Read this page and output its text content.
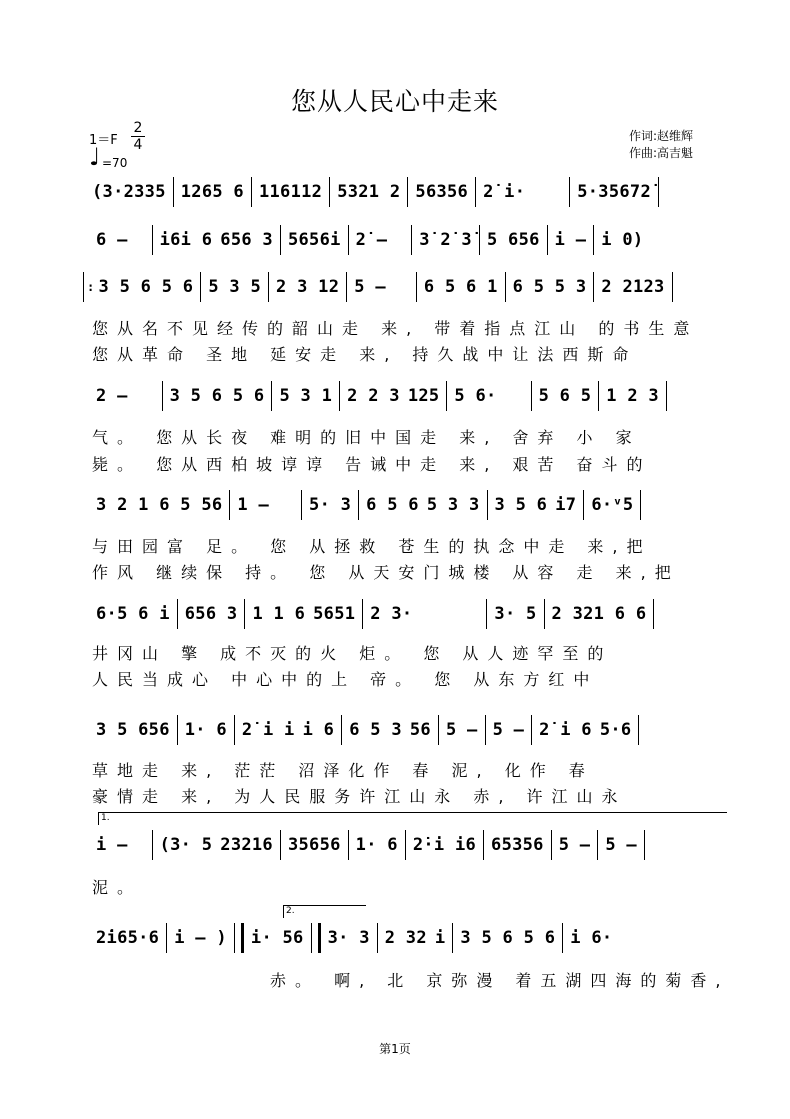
您从人民心中走来
$1=F \frac{2}{4}$
♩ =70
作词:赵维辉
作曲:高吉魁
(3·2335 1265 6 116112 5321 2 56356 2̇ i·	5·35672̇
6 – i6i 6 656 3 5656i 2̇ – 3̇ 2̇ 3̇ 5 656 i – i 0)
: 3 5 6 5 6 5 3 5 2 3 12 5 – 6 5 6 1 6 5 5 3 2 2123
您从名不见经传的韶山走 来, 带着指点江山 的书生意
您从革命 圣地 延安走 来, 持久战中让法西斯命
2 – 3 5 6 5 6 5 3 1 2 2 3 125 5 6· 5 6 5 1 2 3
气。 您从长夜 难明的旧中国走 来, 舍弃 小 家
毙。 您从西柏坡谆谆 告诫中走 来, 艰苦 奋斗的
3 2 1 6 5 56 1 – 5· 3 6 5 6 5 3 3 3 5 6 i7 6·ᵛ5
与田园富 足。 您 从拯救 苍生的执念中走 来,把
作风 继续保 持。 您 从天安门城楼 从容 走 来,把
6·5 6 i 656 3 1 1 6 5651 2 3·	3· 5 2 321 6 6
井冈山 擎 成不灭的火 炬。 您 从人迹罕至的
人民当成心 中心中的上 帝。 您 从东方红中
3 5 656 1· 6 2̇ i i i 6 6 5 3 56 5 – 5 – 2̇ i 6 5·6
草地走 来, 茫茫 沼泽化作 春 泥, 化作 春
豪情走 来, 为人民服务许江山永 赤, 许江山永
1.
i – (3· 5 23216 35656 1· 6 2̇·i i6 65356 5 – 5 –
泥。
2.
2̇i65·6 i – ) i· 56 3· 3 2 32 i 3 5 6 5 6 i 6·
赤。 啊, 北 京弥漫 着五湖四海的菊香,
第1页
